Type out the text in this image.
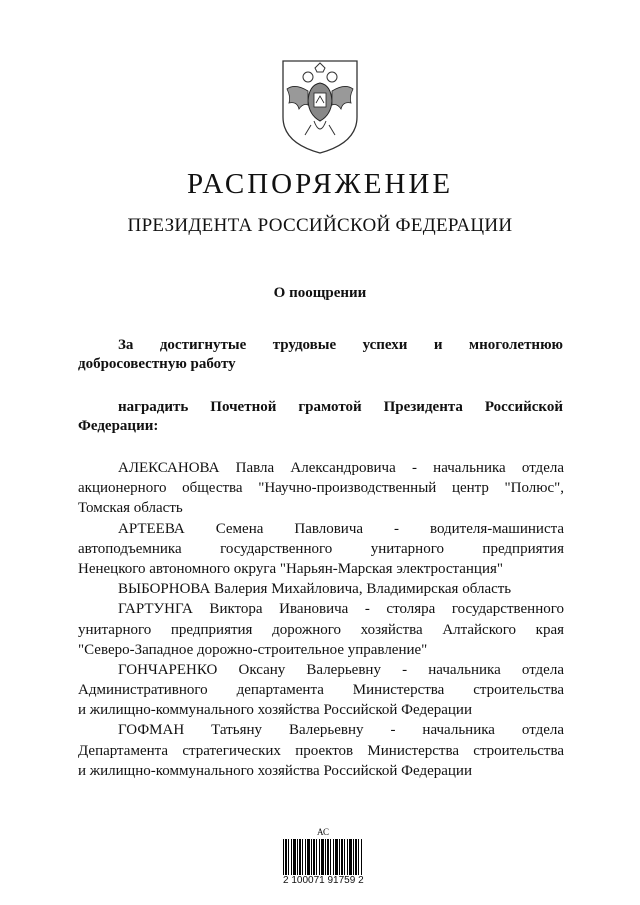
РАСПОРЯЖЕНИЕ
ПРЕЗИДЕНТА РОССИЙСКОЙ ФЕДЕРАЦИИ
О поощрении
За достигнутые трудовые успехи и многолетнюю
добросовестную работу
наградить Почетной грамотой Президента Российской
Федерации:
АЛЕКСАНОВА Павла Александровича - начальника отдела
акционерного общества "Научно-производственный центр "Полюс",
Томская область
АРТЕЕВА Семена Павловича - водителя-машиниста
автоподъемника государственного унитарного предприятия
Ненецкого автономного округа "Нарьян-Марская электростанция"
ВЫБОРНОВА Валерия Михайловича, Владимирская область
ГАРТУНГА Виктора Ивановича - столяра государственного
унитарного предприятия дорожного хозяйства Алтайского края
"Северо-Западное дорожно-строительное управление"
ГОНЧАРЕНКО Оксану Валерьевну - начальника отдела
Административного департамента Министерства строительства
и жилищно-коммунального хозяйства Российской Федерации
ГОФМАН Татьяну Валерьевну - начальника отдела
Департамента стратегических проектов Министерства строительства
и жилищно-коммунального хозяйства Российской Федерации
АС
2 100071 91759 2
